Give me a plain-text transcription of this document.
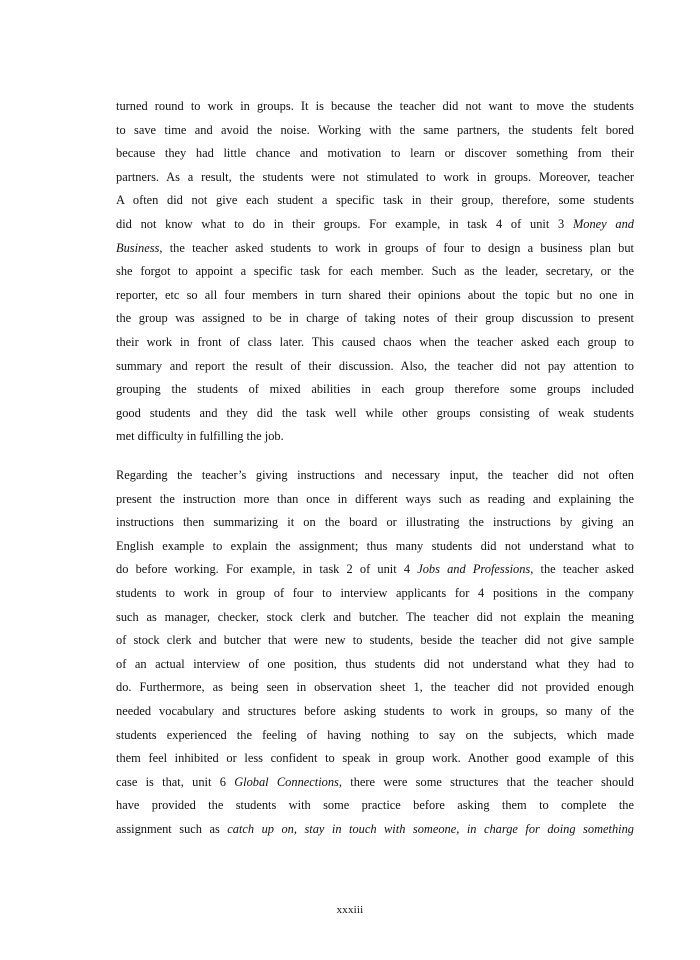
turned round to work in groups. It is because the teacher did not want to move the students
to save time and avoid the noise. Working with the same partners, the students felt bored
because they had little chance and motivation to learn or discover something from their
partners. As a result, the students were not stimulated to work in groups. Moreover, teacher
A often did not give each student a specific task in their group, therefore, some students
did not know what to do in their groups. For example, in task 4 of unit 3 Money and
Business, the teacher asked students to work in groups of four to design a business plan but
she forgot to appoint a specific task for each member. Such as the leader, secretary, or the
reporter, etc so all four members in turn shared their opinions about the topic but no one in
the group was assigned to be in charge of taking notes of their group discussion to present
their work in front of class later. This caused chaos when the teacher asked each group to
summary and report the result of their discussion. Also, the teacher did not pay attention to
grouping the students of mixed abilities in each group therefore some groups included
good students and they did the task well while other groups consisting of weak students
met difficulty in fulfilling the job.
Regarding the teacher’s giving instructions and necessary input, the teacher did not often
present the instruction more than once in different ways such as reading and explaining the
instructions then summarizing it on the board or illustrating the instructions by giving an
English example to explain the assignment; thus many students did not understand what to
do before working. For example, in task 2 of unit 4 Jobs and Professions, the teacher asked
students to work in group of four to interview applicants for 4 positions in the company
such as manager, checker, stock clerk and butcher. The teacher did not explain the meaning
of stock clerk and butcher that were new to students, beside the teacher did not give sample
of an actual interview of one position, thus students did not understand what they had to
do. Furthermore, as being seen in observation sheet 1, the teacher did not provided enough
needed vocabulary and structures before asking students to work in groups, so many of the
students experienced the feeling of having nothing to say on the subjects, which made
them feel inhibited or less confident to speak in group work. Another good example of this
case is that, unit 6 Global Connections, there were some structures that the teacher should
have provided the students with some practice before asking them to complete the
assignment such as catch up on, stay in touch with someone, in charge for doing something
xxxiii
